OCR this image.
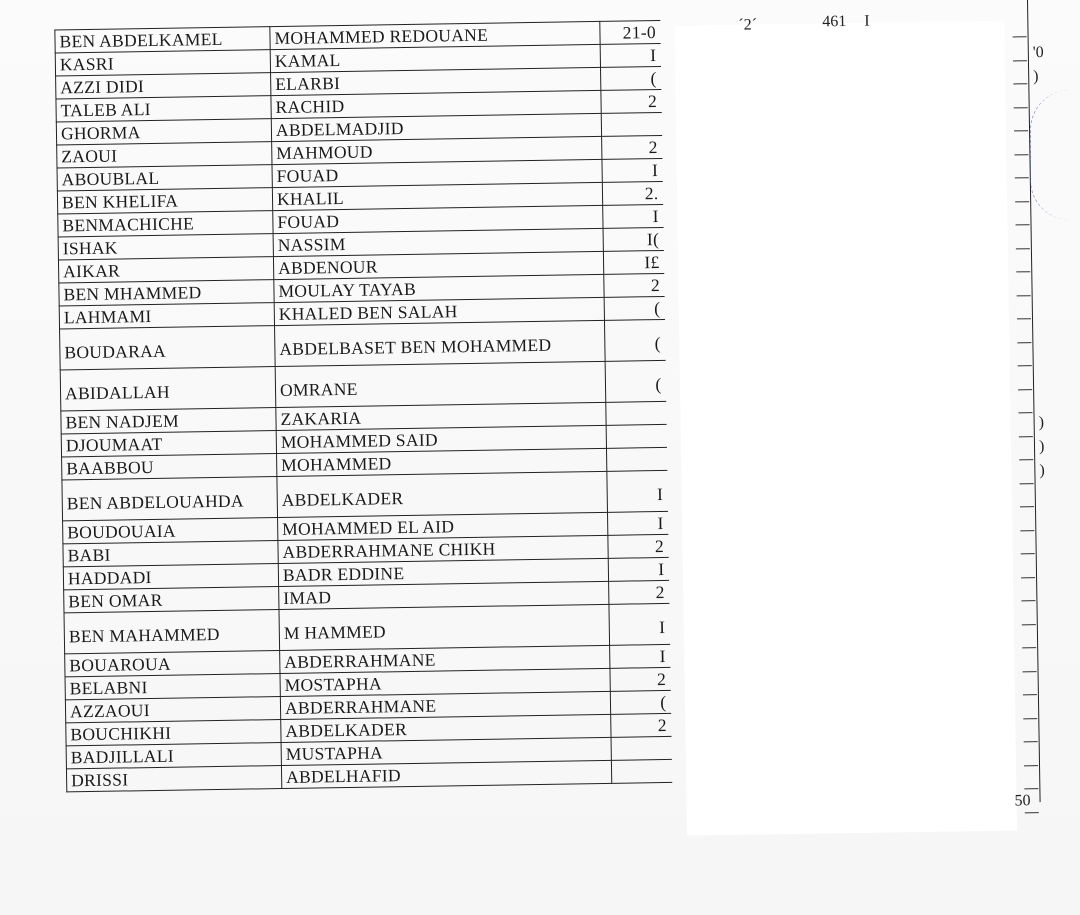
BEN ABDELKAMEL	MOHAMMED REDOUANE	21-0
KASRI	KAMAL	I
AZZI DIDI	ELARBI	(
TALEB ALI	RACHID	2
GHORMA	ABDELMADJID	
ZAOUI	MAHMOUD	2
ABOUBLAL	FOUAD	I
BEN KHELIFA	KHALIL	2.
BENMACHICHE	FOUAD	I
ISHAK	NASSIM	I(
AIKAR	ABDENOUR	I£
BEN MHAMMED	MOULAY TAYAB	2
LAHMAMI	KHALED BEN SALAH	(
BOUDARAA	ABDELBASET BEN MOHAMMED	(
ABIDALLAH	OMRANE	(
BEN NADJEM	ZAKARIA	
DJOUMAAT	MOHAMMED SAID	
BAABBOU	MOHAMMED	
BEN ABDELOUAHDA	ABDELKADER	I
BOUDOUAIA	MOHAMMED EL AID	I
BABI	ABDERRAHMANE CHIKH	2
HADDADI	BADR EDDINE	I
BEN OMAR	IMAD	2
BEN MAHAMMED	M HAMMED	I
BOUAROUA	ABDERRAHMANE	I
BELABNI	MOSTAPHA	2
AZZAOUI	ABDERRAHMANE	(
BOUCHIKHI	ABDELKADER	2
BADJILLALI	MUSTAPHA	
DRISSI	ABDELHAFID	
´2´	461 I
'0
)
)
)
)
50
